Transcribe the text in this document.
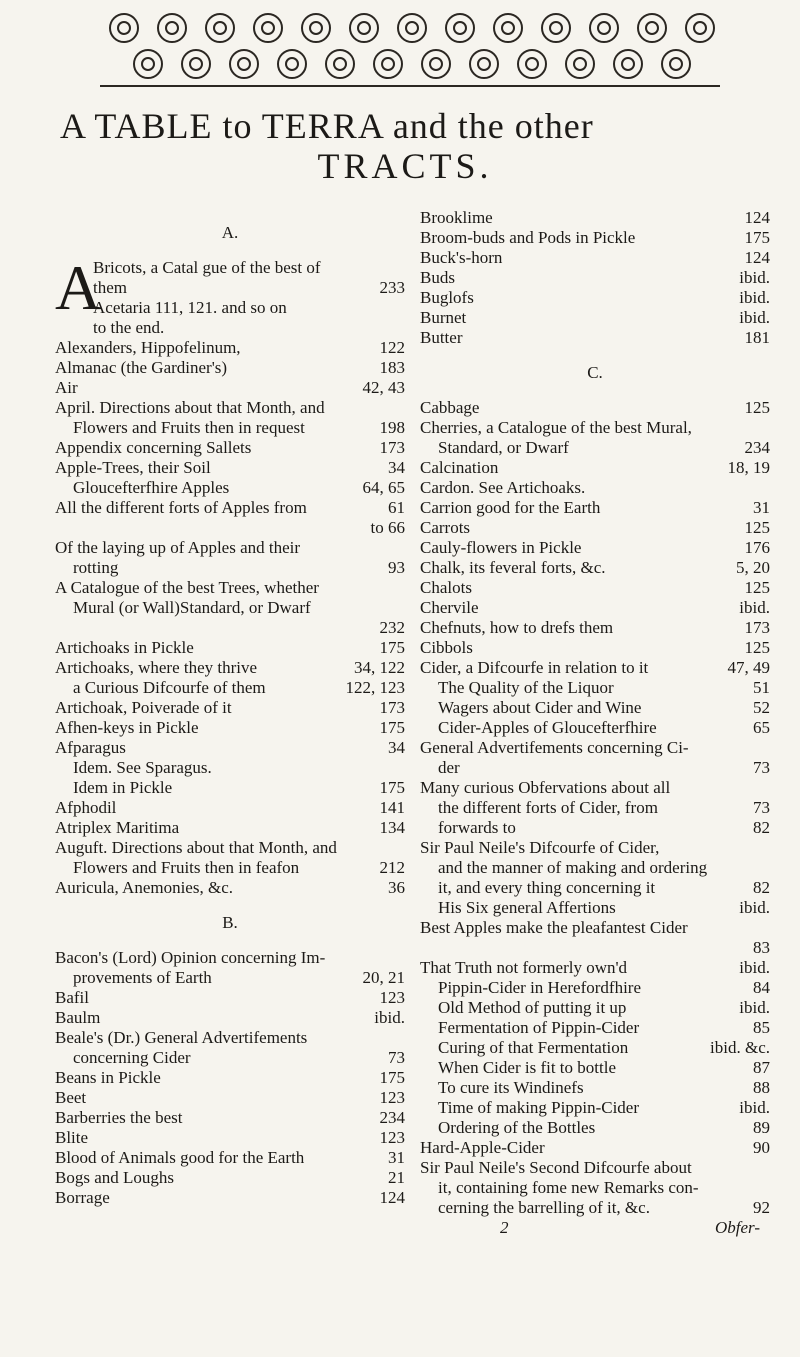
A TABLE to TERRA and the other
TRACTS.
A.
A
Bricots, a Catal gue of the best of
them	233
Acetaria 111, 121. and so on
to the end.
Alexanders, Hippofelinum,	122
Almanac (the Gardiner's)	183
Air	42, 43
April. Directions about that Month, and
Flowers and Fruits then in request	198
Appendix concerning Sallets	173
Apple-Trees, their Soil	34
Gloucefterfhire Apples	64, 65
All the different forts of Apples from	61
to 66
Of the laying up of Apples and their
rotting	93
A Catalogue of the best Trees, whether
Mural (or Wall)Standard, or Dwarf
232
Artichoaks in Pickle	175
Artichoaks, where they thrive	34, 122
a Curious Difcourfe of them	122, 123
Artichoak, Poiverade of it	173
Afhen-keys in Pickle	175
Afparagus	34
Idem. See Sparagus.
Idem in Pickle	175
Afphodil	141
Atriplex Maritima	134
Auguft. Directions about that Month, and
Flowers and Fruits then in feafon	212
Auricula, Anemonies, &c.	36
B.
Bacon's (Lord) Opinion concerning Im-
provements of Earth	20, 21
Bafil	123
Baulm	ibid.
Beale's (Dr.) General Advertifements
concerning Cider	73
Beans in Pickle	175
Beet	123
Barberries the best	234
Blite	123
Blood of Animals good for the Earth	31
Bogs and Loughs	21
Borrage	124
Brooklime	124
Broom-buds and Pods in Pickle	175
Buck's-horn	124
Buds	ibid.
Buglofs	ibid.
Burnet	ibid.
Butter	181
C.
Cabbage	125
Cherries, a Catalogue of the best Mural,
Standard, or Dwarf	234
Calcination	18, 19
Cardon. See Artichoaks.
Carrion good for the Earth	31
Carrots	125
Cauly-flowers in Pickle	176
Chalk, its feveral forts, &c.	5, 20
Chalots	125
Chervile	ibid.
Chefnuts, how to drefs them	173
Cibbols	125
Cider, a Difcourfe in relation to it	47, 49
The Quality of the Liquor	51
Wagers about Cider and Wine	52
Cider-Apples of Gloucefterfhire	65
General Advertifements concerning Ci-
der	73
Many curious Obfervations about all
the different forts of Cider, from	73
forwards to	82
Sir Paul Neile's Difcourfe of Cider,
and the manner of making and ordering
it, and every thing concerning it	82
His Six general Affertions	ibid.
Best Apples make the pleafantest Cider
83
That Truth not formerly own'd	ibid.
Pippin-Cider in Herefordfhire	84
Old Method of putting it up	ibid.
Fermentation of Pippin-Cider	85
Curing of that Fermentation	ibid. &c.
When Cider is fit to bottle	87
To cure its Windinefs	88
Time of making Pippin-Cider	ibid.
Ordering of the Bottles	89
Hard-Apple-Cider	90
Sir Paul Neile's Second Difcourfe about
it, containing fome new Remarks con-
cerning the barrelling of it, &c.	92
2	Obfer-
